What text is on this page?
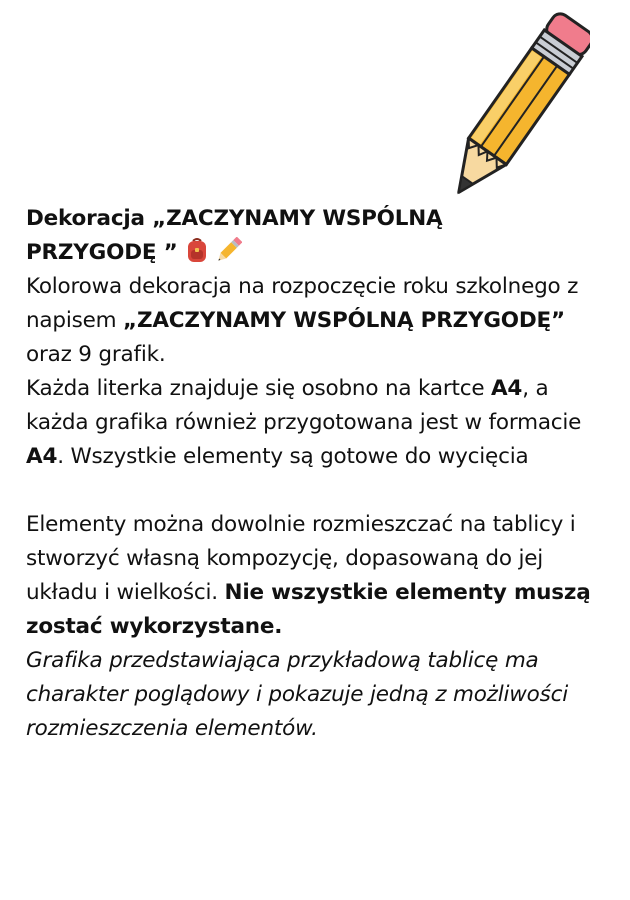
Dekoracja „ZACZYNAMY WSPÓLNĄ
PRZYGODĘ ”

Kolorowa dekoracja na rozpoczęcie roku szkolnego z napisem „ZACZYNAMY WSPÓLNĄ PRZYGODĘ” oraz 9 grafik.

Każda literka znajduje się osobno na kartce A4, a każda grafika również przygotowana jest w formacie A4. Wszystkie elementy są gotowe do wycięcia

Elementy można dowolnie rozmieszczać na tablicy i stworzyć własną kompozycję, dopasowaną do jej układu i wielkości. Nie wszystkie elementy muszą zostać wykorzystane.

Grafika przedstawiająca przykładową tablicę ma charakter poglądowy i pokazuje jedną z możliwości rozmieszczenia elementów.
